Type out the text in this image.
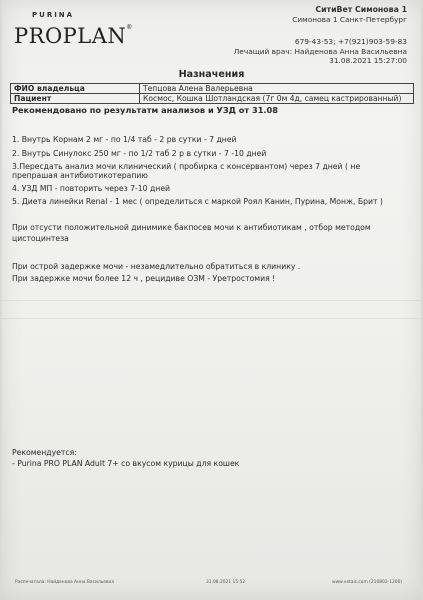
PURINA
PROPLAN®
СитиВет Симонова 1
Симонова 1 Санкт-Петербург
679-43-53; +7(921)903-59-83
Лечащий врач: Найденова Анна Васильевна
31.08.2021 15:27:00
Назначения
ФИО владельца	Тепцова Алена Валерьевна
Пациент	Космос, Кошка Шотландская (7г 0м 4д, самец кастрированный)
Рекомендовано по результатм анализов и УЗД от 31.08
1. Внутрь Корнам 2 мг - по 1/4 таб - 2 рв сутки - 7 дней
2. Внутрь Синулокс 250 мг - по 1/2 таб 2 р в сутки - 7 -10 дней
3.Пересдать анализ мочи клинический ( пробирка с консервантом) через 7 дней ( не
препрашая антибиотикотерапию
4. УЗД МП - повторить через 7-10 дней
5. Диета линейки Renal - 1 мес ( определиться с маркой Роял Канин, Пурина, Монж, Брит )
При отсусти положительной динимике бакпосев мочи к антибиотикам , отбор методом
цистоцинтеза
При острой задержке мочи - незамедлительно обратиться в клинику .
При задержке мочи более 12 ч , рецидиве ОЗМ - Уретростомия !
Рекомендуется:
- Purina PRO PLAN Adult 7+ со вкусом курицы для кошек
Распечатала: Найденова Анна Васильевна	31.08.2021 15:52	www.vetais.com (210802-1200)
